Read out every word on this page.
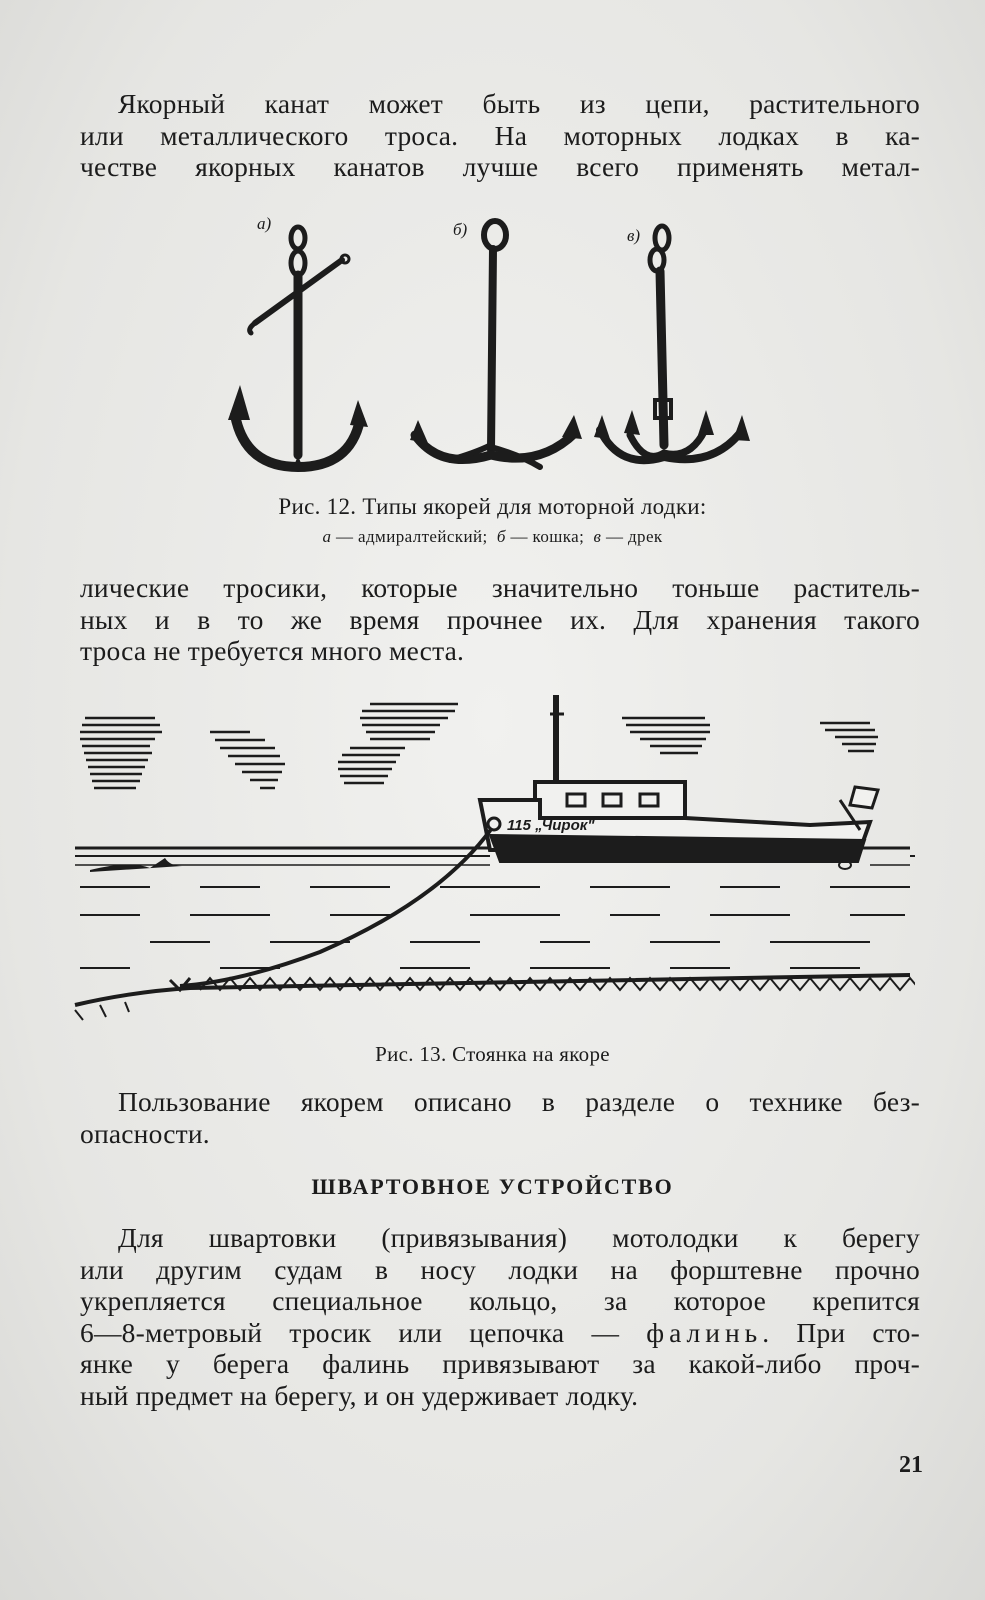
Якорный канат может быть из цепи, растительного
или металлического троса. На моторных лодках в ка-
честве якорных канатов лучше всего применять метал-
а)	б)	в)
Рис. 12. Типы якорей для моторной лодки:
а — адмиралтейский; б — кошка; в — дрек
лические тросики, которые значительно тоньше раститель-
ных и в то же время прочнее их. Для хранения такого
троса не требуется много места.
115 „Чирок"
Рис. 13. Стоянка на якоре
Пользование якорем описано в разделе о технике без-
опасности.
ШВАРТОВНОЕ УСТРОЙСТВО
Для швартовки (привязывания) мотолодки к берегу
или другим судам в носу лодки на форштевне прочно
укрепляется специальное кольцо, за которое крепится
6—8-метровый тросик или цепочка — фалинь. При сто-
янке у берега фалинь привязывают за какой-либо проч-
ный предмет на берегу, и он удерживает лодку.
21
